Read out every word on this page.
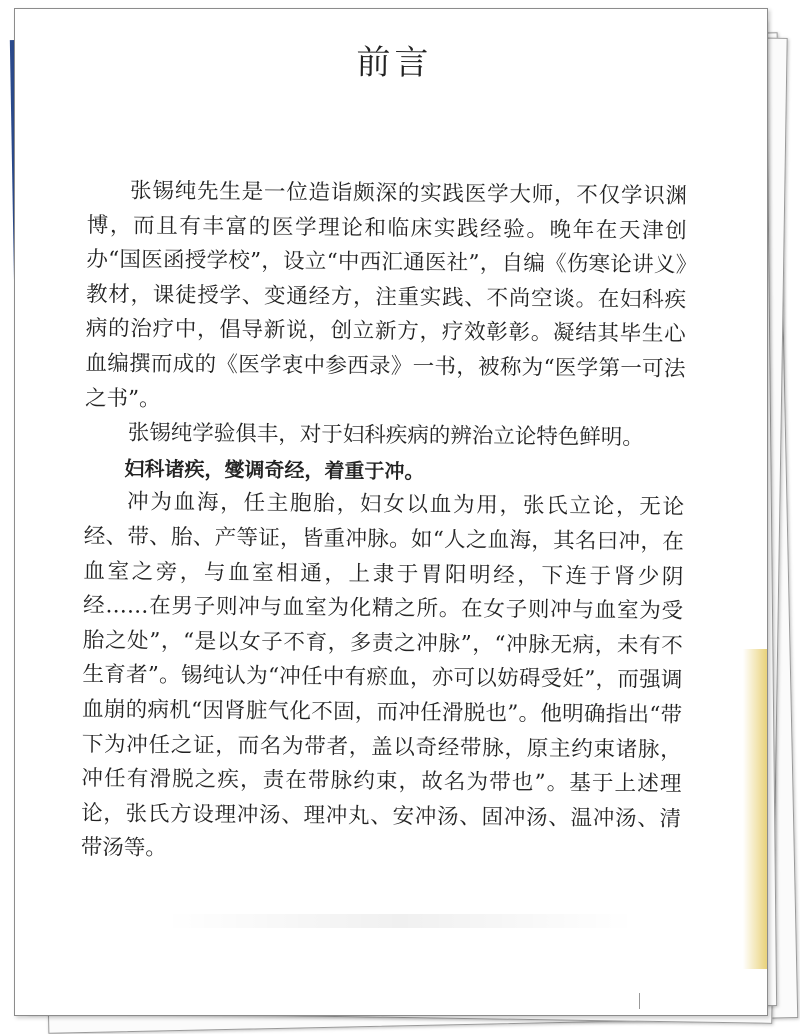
前言

张锡纯先生是一位造诣颇深的实践医学大师，不仅学识渊博，而且有丰富的医学理论和临床实践经验。晚年在天津创办“国医函授学校”，设立“中西汇通医社”，自编《伤寒论讲义》教材，课徒授学、变通经方，注重实践、不尚空谈。在妇科疾病的治疗中，倡导新说，创立新方，疗效彰彰。凝结其毕生心血编撰而成的《医学衷中参西录》一书，被称为“医学第一可法之书”。

张锡纯学验俱丰，对于妇科疾病的辨治立论特色鲜明。

妇科诸疾，燮调奇经，着重于冲。

冲为血海，任主胞胎，妇女以血为用，张氏立论，无论经、带、胎、产等证，皆重冲脉。如“人之血海，其名曰冲，在血室之旁，与血室相通，上隶于胃阳明经，下连于肾少阴经……在男子则冲与血室为化精之所。在女子则冲与血室为受胎之处”，“是以女子不育，多责之冲脉”，“冲脉无病，未有不生育者”。锡纯认为“冲任中有瘀血，亦可以妨碍受妊”，而强调血崩的病机“因肾脏气化不固，而冲任滑脱也”。他明确指出“带下为冲任之证，而名为带者，盖以奇经带脉，原主约束诸脉，冲任有滑脱之疾，责在带脉约束，故名为带也”。基于上述理论，张氏方设理冲汤、理冲丸、安冲汤、固冲汤、温冲汤、清带汤等。
